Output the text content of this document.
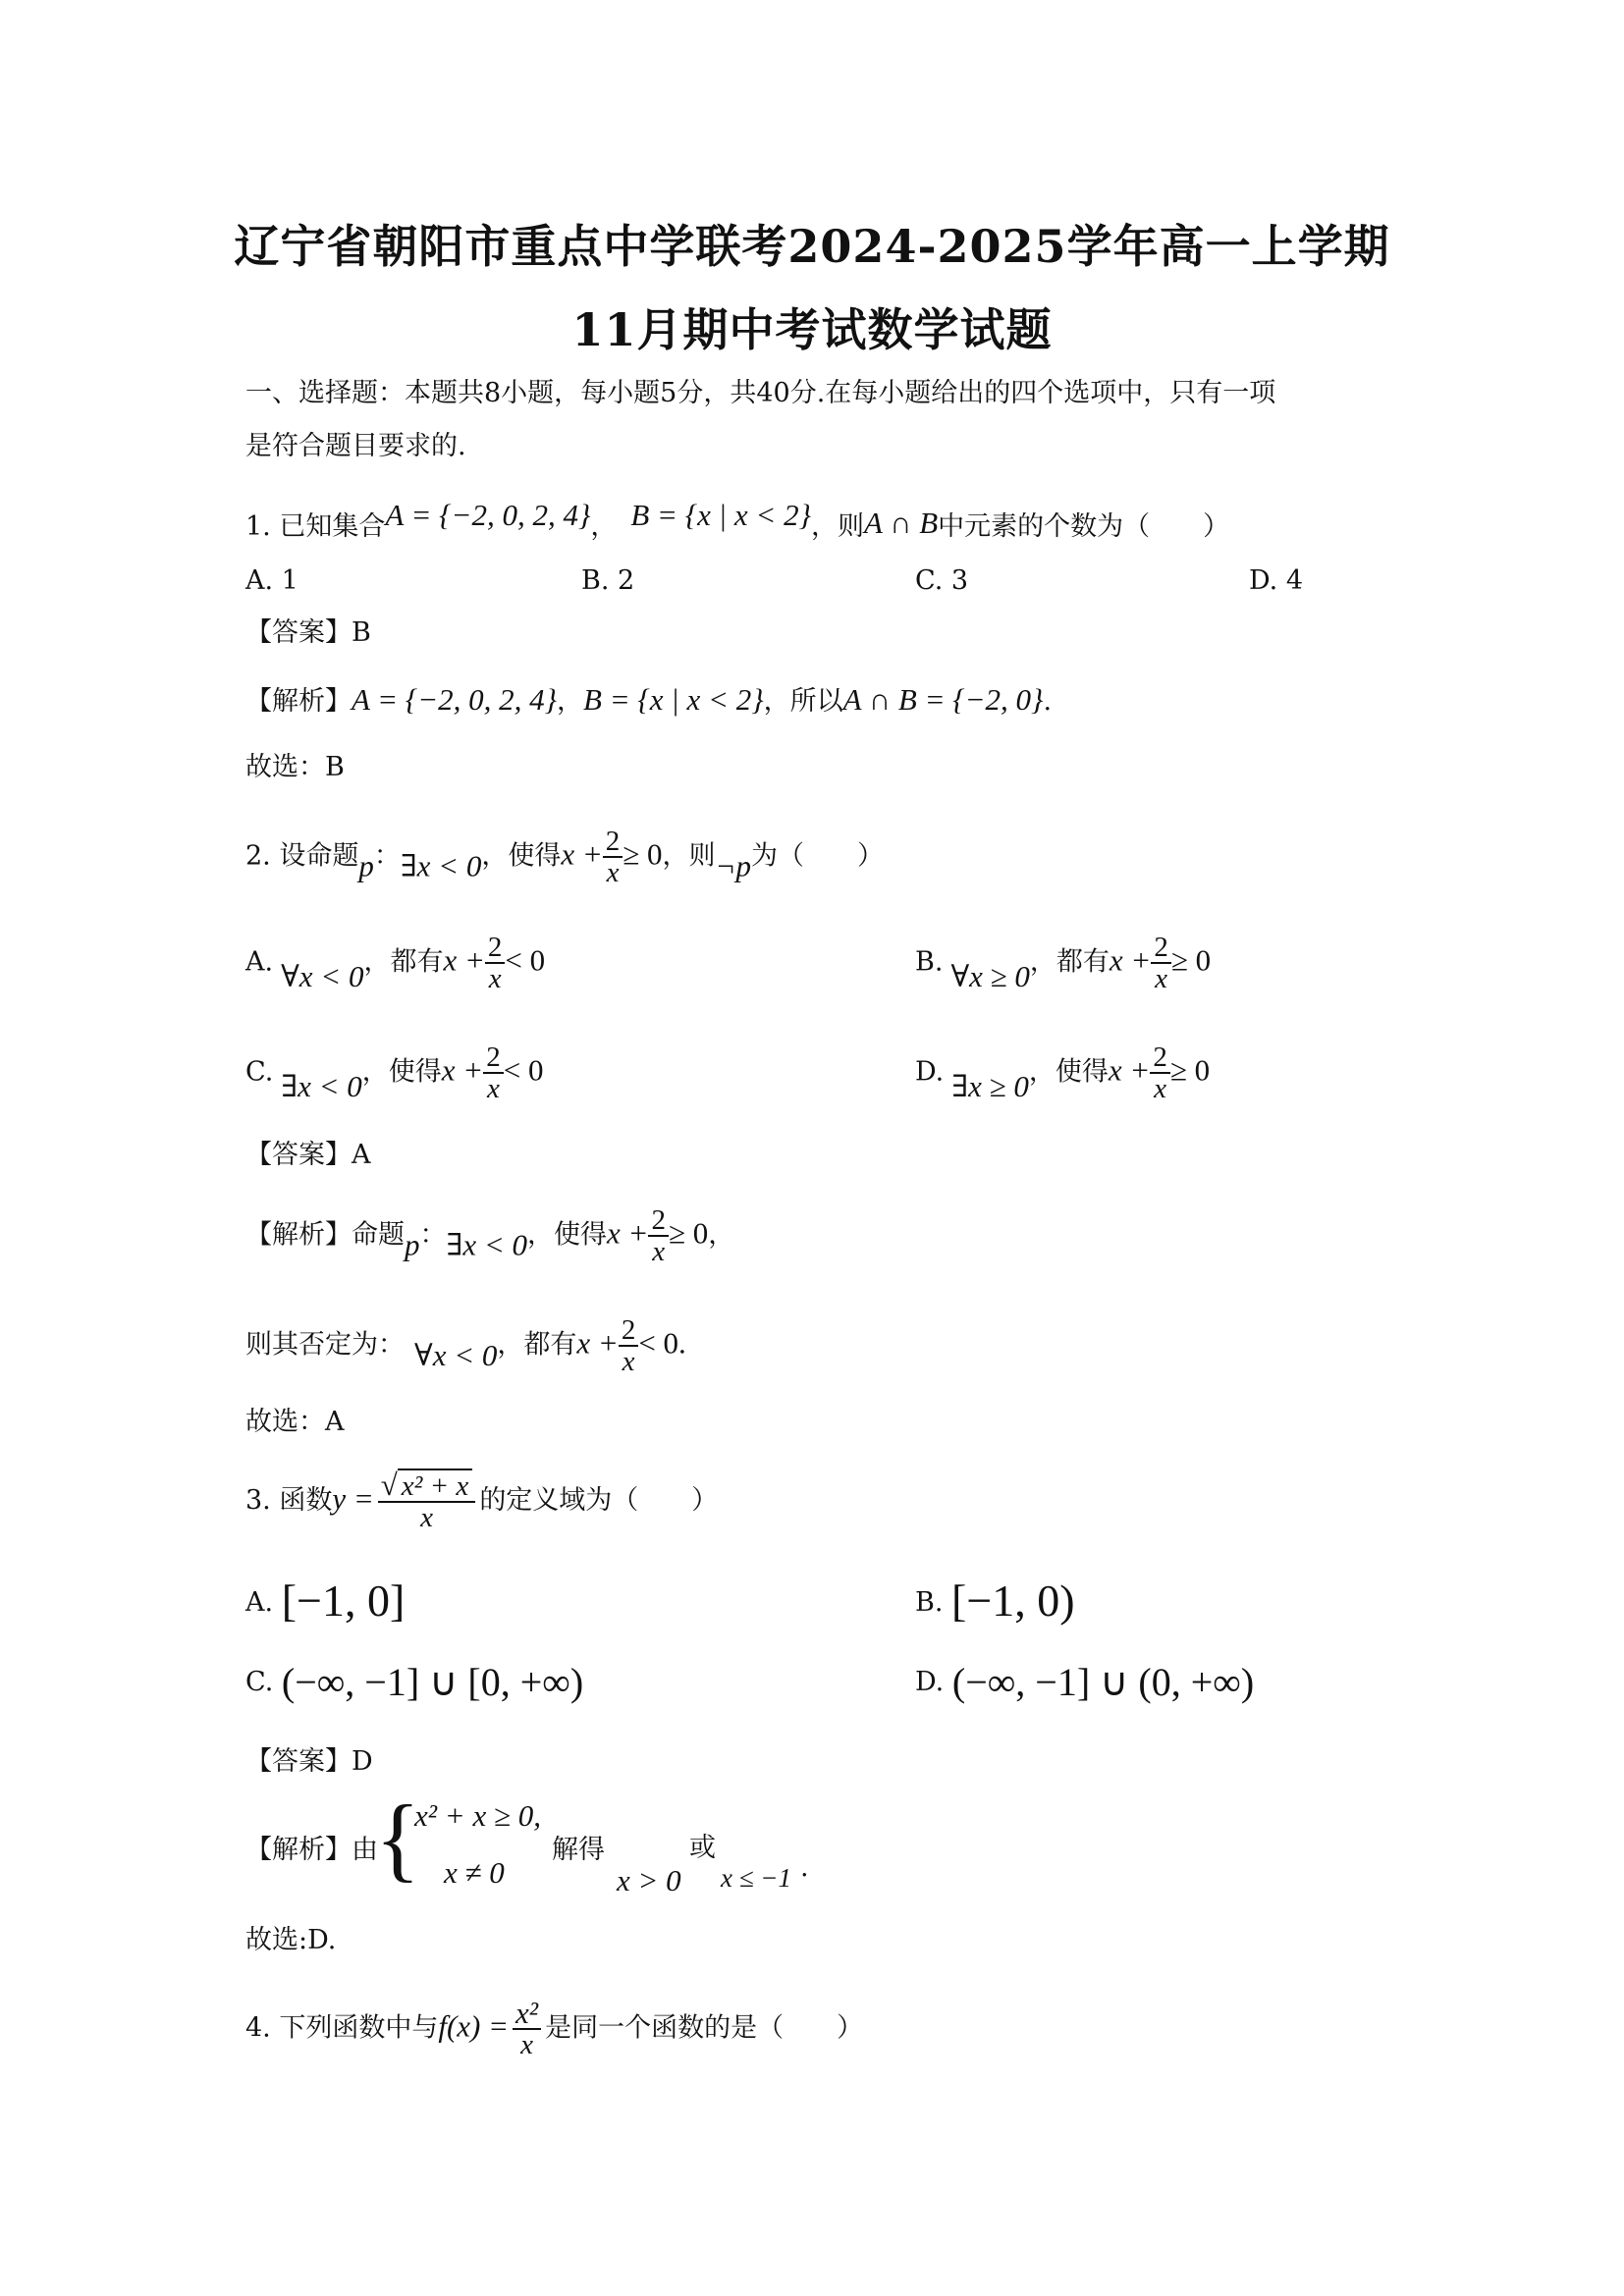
辽宁省朝阳市重点中学联考2024-2025学年高一上学期
11月期中考试数学试题
一、选择题：本题共8小题，每小题5分，共40分.在每小题给出的四个选项中，只有一项
是符合题目要求的.
1. 已知集合A = {−2, 0, 2, 4}， B = {x | x < 2}，则A ∩ B中元素的个数为（　　）
A. 1	B. 2	C. 3	D. 4
【答案】B
【解析】A = {−2, 0, 2, 4}，B = {x | x < 2}，所以A ∩ B = {−2, 0}.
故选：B
2. 设命题p：∃x < 0，使得$x + \frac{2}{x} \ge 0$，则¬p为（　　）
A. ∀x < 0，都有$x + \frac{2}{x} < 0$	B. ∀x ≥ 0，都有$x + \frac{2}{x} \ge 0$
C. ∃x < 0，使得$x + \frac{2}{x} < 0$	D. ∃x ≥ 0，使得$x + \frac{2}{x} \ge 0$
【答案】A
【解析】命题p：∃x < 0，使得$x + \frac{2}{x} \ge 0$，
则其否定为： ∀x < 0，都有$x + \frac{2}{x} < 0$.
故选：A
3. 函数$y = \frac{\text{√ x² + x}}{x}$ 的定义域为（　　）
A. [−1, 0]	B. [−1, 0)
C. (−∞, −1] ∪ [0, +∞)	D. (−∞, −1] ∪ (0, +∞)
【答案】D
【解析】由
{
x² + x ≥ 0,
x ≠ 0
解得
x > 0
或
x ≤ −1 .
故选:D.
4. 下列函数中与$f(x) = \frac{\text{x²}}{x}$ 是同一个函数的是（　　）
